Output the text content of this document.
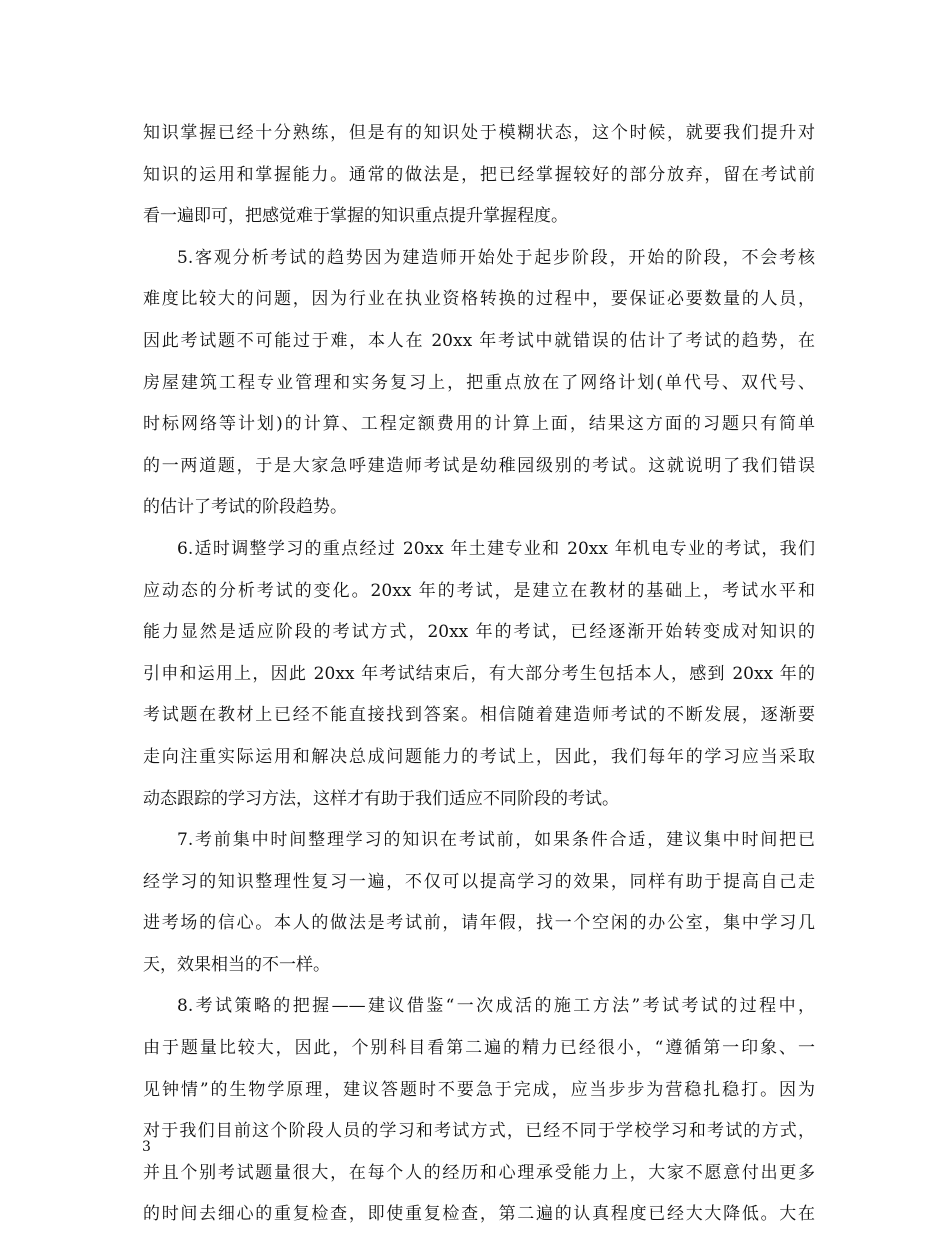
知识掌握已经十分熟练，但是有的知识处于模糊状态，这个时候，就要我们提升对
知识的运用和掌握能力。通常的做法是，把已经掌握较好的部分放弃，留在考试前
看一遍即可，把感觉难于掌握的知识重点提升掌握程度。
5.客观分析考试的趋势因为建造师开始处于起步阶段，开始的阶段，不会考核
难度比较大的问题，因为行业在执业资格转换的过程中，要保证必要数量的人员，
因此考试题不可能过于难，本人在 20xx 年考试中就错误的估计了考试的趋势，在
房屋建筑工程专业管理和实务复习上，把重点放在了网络计划(单代号、双代号、
时标网络等计划)的计算、工程定额费用的计算上面，结果这方面的习题只有简单
的一两道题，于是大家急呼建造师考试是幼稚园级别的考试。这就说明了我们错误
的估计了考试的阶段趋势。
6.适时调整学习的重点经过 20xx 年土建专业和 20xx 年机电专业的考试，我们
应动态的分析考试的变化。20xx 年的考试，是建立在教材的基础上，考试水平和
能力显然是适应阶段的考试方式，20xx 年的考试，已经逐渐开始转变成对知识的
引申和运用上，因此 20xx 年考试结束后，有大部分考生包括本人，感到 20xx 年的
考试题在教材上已经不能直接找到答案。相信随着建造师考试的不断发展，逐渐要
走向注重实际运用和解决总成问题能力的考试上，因此，我们每年的学习应当采取
动态跟踪的学习方法，这样才有助于我们适应不同阶段的考试。
7.考前集中时间整理学习的知识在考试前，如果条件合适，建议集中时间把已
经学习的知识整理性复习一遍，不仅可以提高学习的效果，同样有助于提高自己走
进考场的信心。本人的做法是考试前，请年假，找一个空闲的办公室，集中学习几
天，效果相当的不一样。
8.考试策略的把握——建议借鉴“一次成活的施工方法”考试考试的过程中，
由于题量比较大，因此，个别科目看第二遍的精力已经很小，“遵循第一印象、一
见钟情”的生物学原理，建议答题时不要急于完成，应当步步为营稳扎稳打。因为
对于我们目前这个阶段人员的学习和考试方式，已经不同于学校学习和考试的方式，
并且个别考试题量很大，在每个人的经历和心理承受能力上，大家不愿意付出更多
的时间去细心的重复检查，即使重复检查，第二遍的认真程度已经大大降低。大在
3
